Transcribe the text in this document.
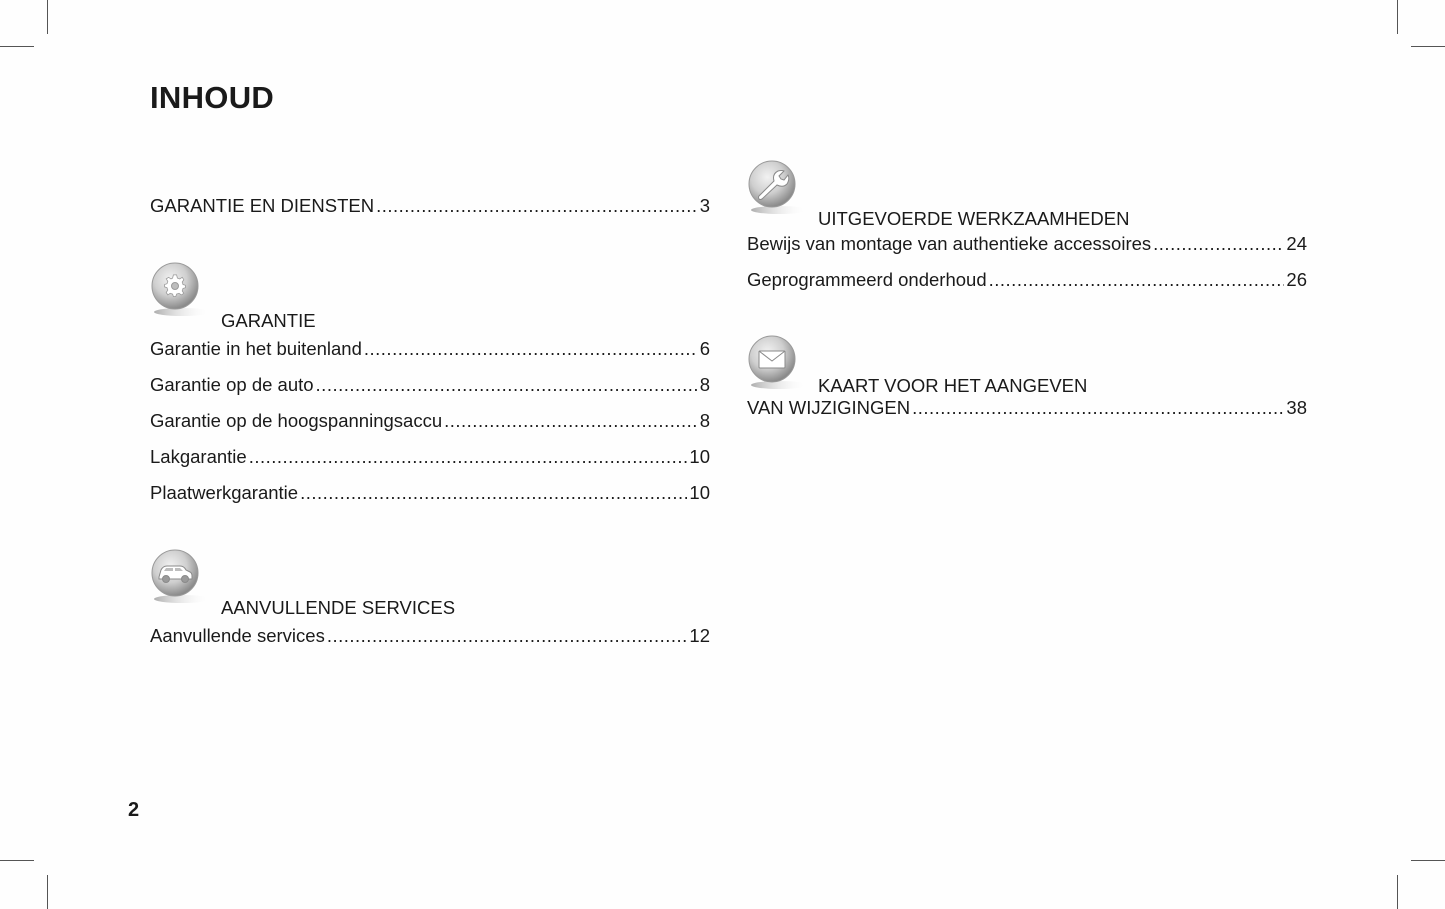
INHOUD
GARANTIE EN DIENSTEN .....	3
GARANTIE
Garantie in het buitenland .....	6
Garantie op de auto .....	8
Garantie op de hoogspanningsaccu .....	8
Lakgarantie .....	10
Plaatwerkgarantie .....	10
AANVULLENDE SERVICES
Aanvullende services .....	12
UITGEVOERDE WERKZAAMHEDEN
Bewijs van montage van authentieke accessoires .....	24
Geprogrammeerd onderhoud .....	26
KAART VOOR HET AANGEVEN
VAN WIJZIGINGEN .....	38
2
